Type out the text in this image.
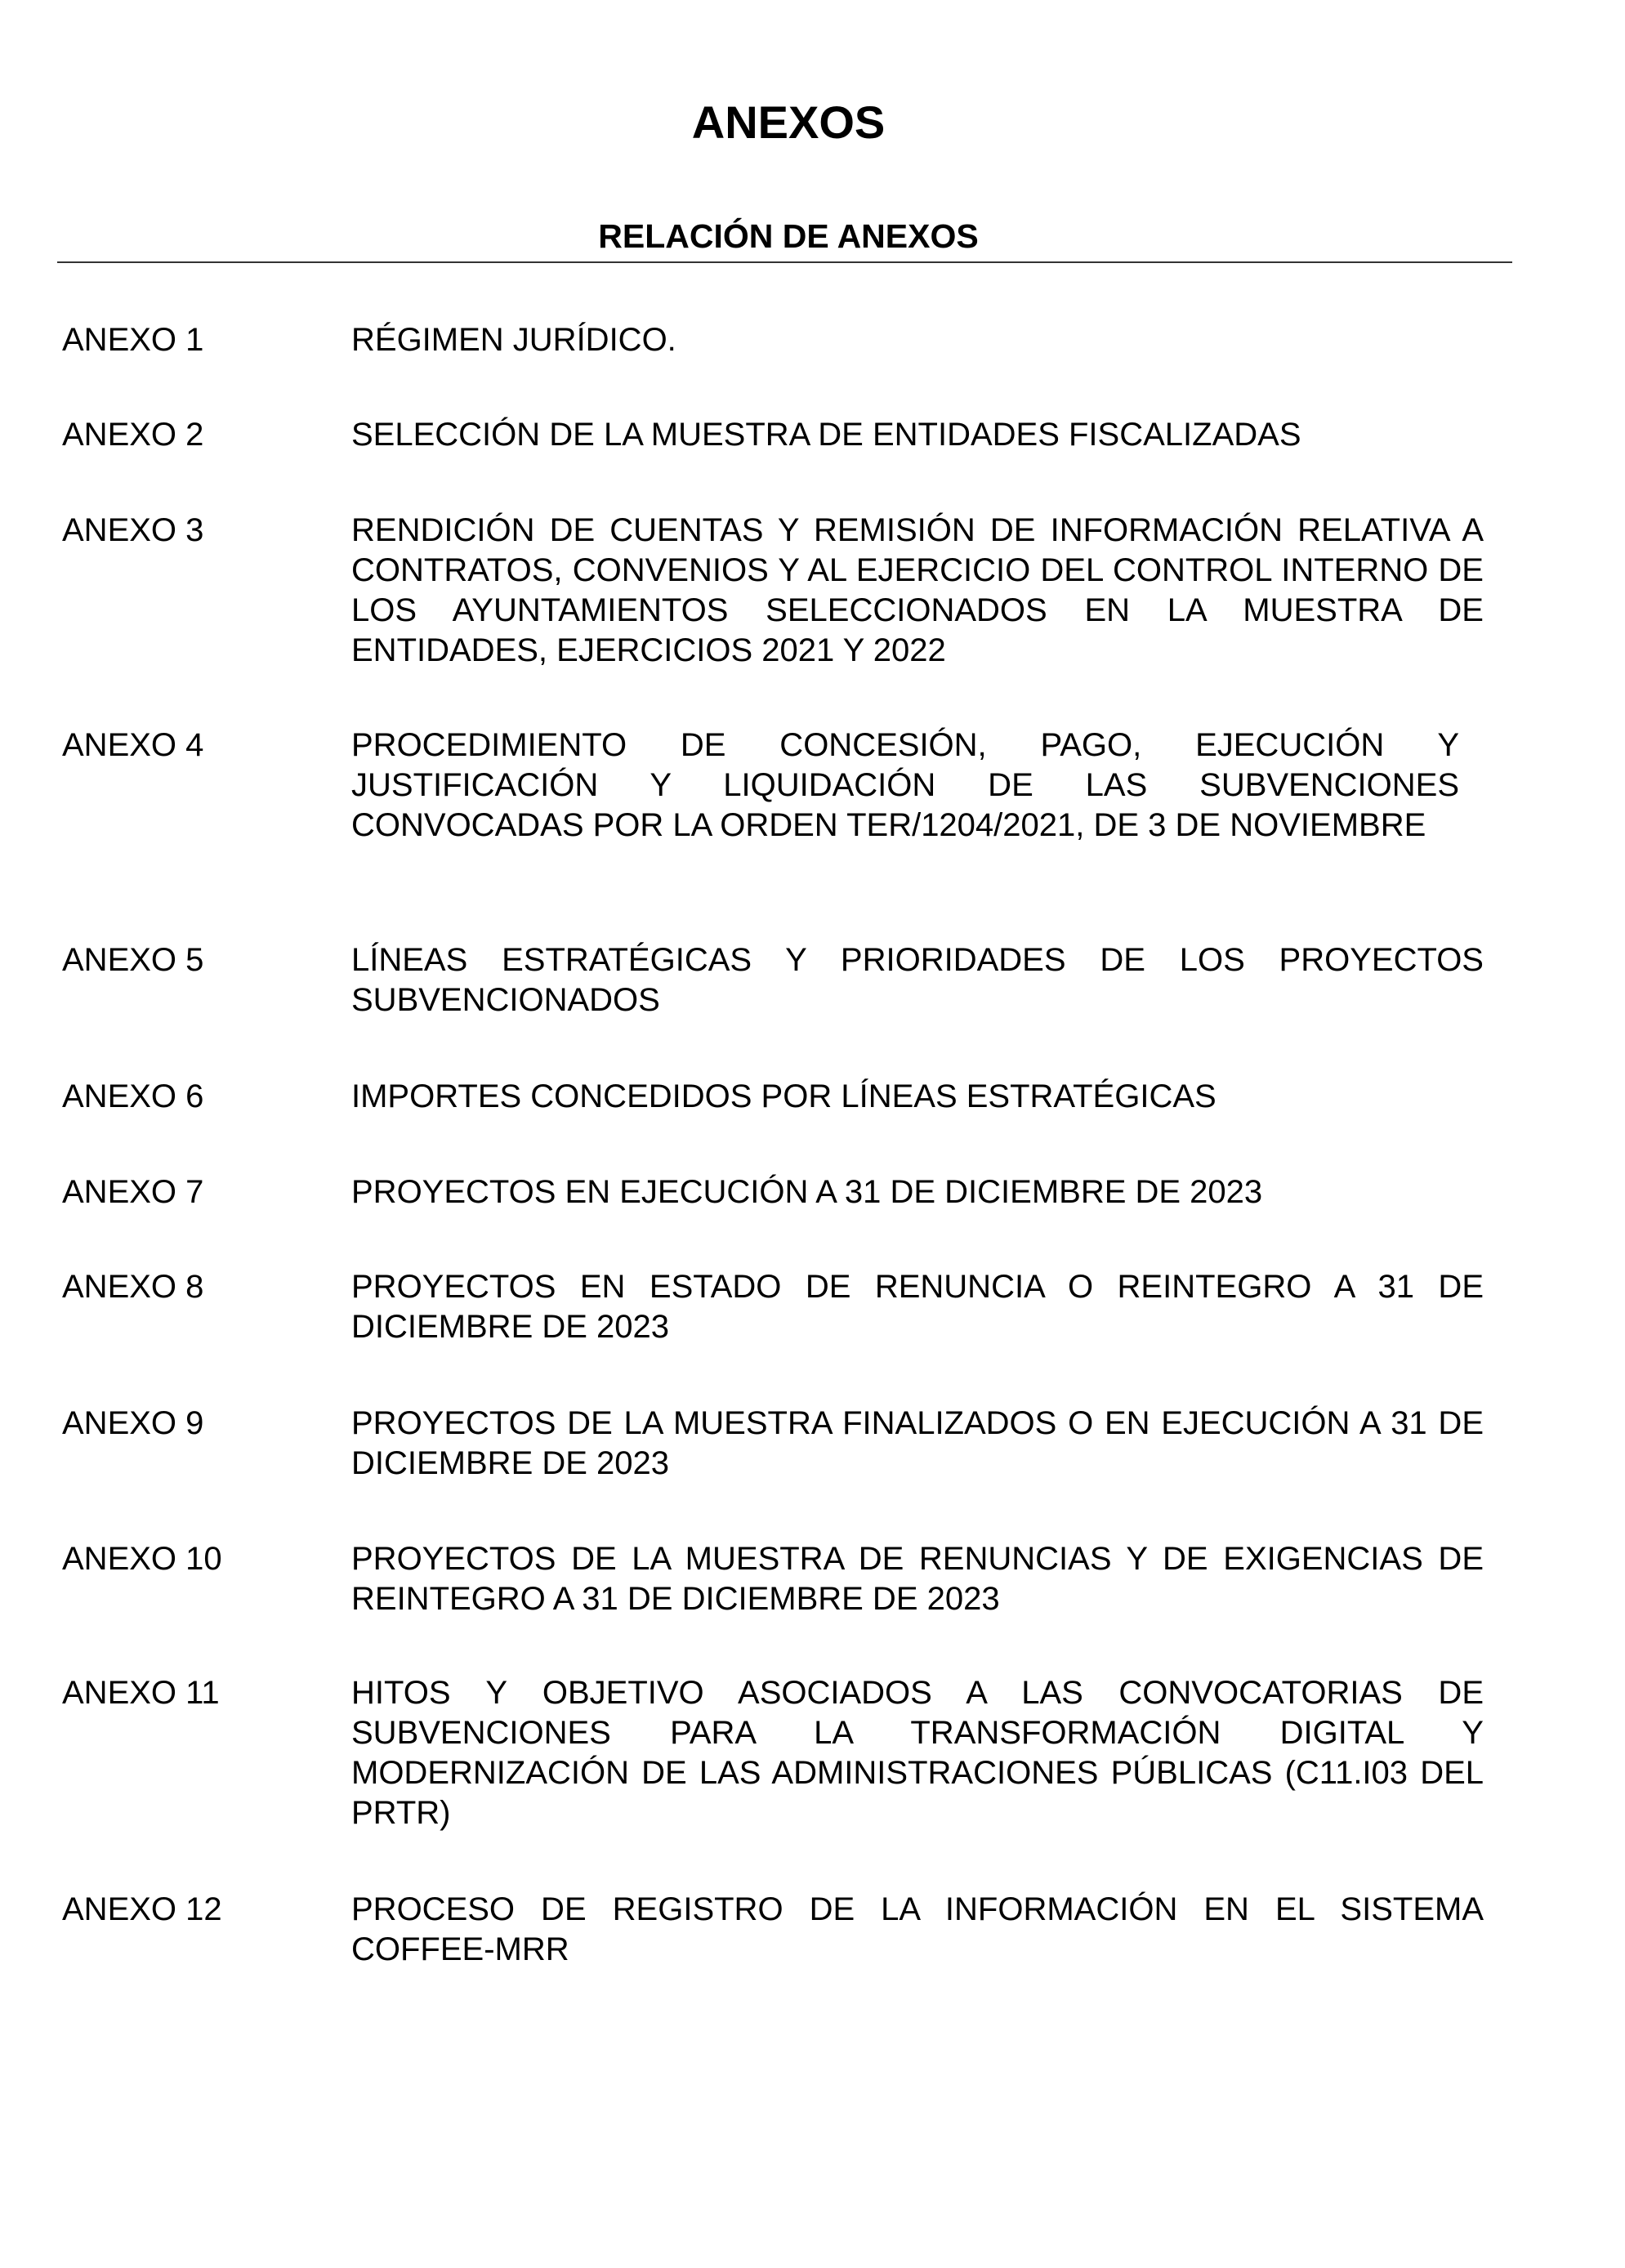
ANEXOS
RELACIÓN DE ANEXOS
ANEXO 1	RÉGIMEN JURÍDICO.
ANEXO 2	SELECCIÓN DE LA MUESTRA DE ENTIDADES FISCALIZADAS
ANEXO 3	RENDICIÓN DE CUENTAS Y REMISIÓN DE INFORMACIÓN RELATIVA A CONTRATOS, CONVENIOS Y AL EJERCICIO DEL CONTROL INTERNO DE LOS AYUNTAMIENTOS SELECCIONADOS EN LA MUESTRA DE ENTIDADES, EJERCICIOS 2021 Y 2022
ANEXO 4	PROCEDIMIENTO DE CONCESIÓN, PAGO, EJECUCIÓN Y JUSTIFICACIÓN Y LIQUIDACIÓN DE LAS SUBVENCIONES CONVOCADAS POR LA ORDEN TER/1204/2021, DE 3 DE NOVIEMBRE
ANEXO 5	LÍNEAS ESTRATÉGICAS Y PRIORIDADES DE LOS PROYECTOS SUBVENCIONADOS
ANEXO 6	IMPORTES CONCEDIDOS POR LÍNEAS ESTRATÉGICAS
ANEXO 7	PROYECTOS EN EJECUCIÓN A 31 DE DICIEMBRE DE 2023
ANEXO 8	PROYECTOS EN ESTADO DE RENUNCIA O REINTEGRO A 31 DE DICIEMBRE DE 2023
ANEXO 9	PROYECTOS DE LA MUESTRA FINALIZADOS O EN EJECUCIÓN A 31 DE DICIEMBRE DE 2023
ANEXO 10	PROYECTOS DE LA MUESTRA DE RENUNCIAS Y DE EXIGENCIAS DE REINTEGRO A 31 DE DICIEMBRE DE 2023
ANEXO 11	HITOS Y OBJETIVO ASOCIADOS A LAS CONVOCATORIAS DE SUBVENCIONES PARA LA TRANSFORMACIÓN DIGITAL Y MODERNIZACIÓN DE LAS ADMINISTRACIONES PÚBLICAS (C11.I03 DEL PRTR)
ANEXO 12	PROCESO DE REGISTRO DE LA INFORMACIÓN EN EL SISTEMA COFFEE-MRR
